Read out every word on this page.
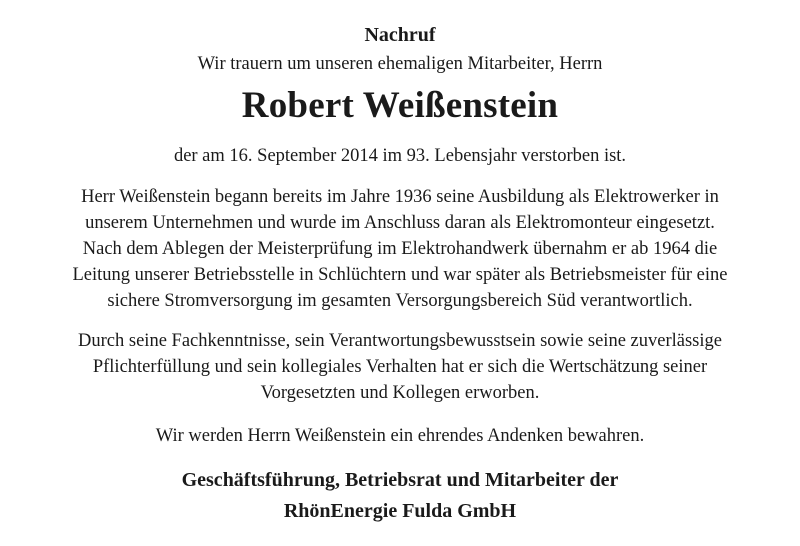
Nachruf
Wir trauern um unseren ehemaligen Mitarbeiter, Herrn
Robert Weißenstein
der am 16. September 2014 im 93. Lebensjahr verstorben ist.
Herr Weißenstein begann bereits im Jahre 1936 seine Ausbildung als Elektrowerker in
unserem Unternehmen und wurde im Anschluss daran als Elektromonteur eingesetzt.
Nach dem Ablegen der Meisterprüfung im Elektrohandwerk übernahm er ab 1964 die
Leitung unserer Betriebsstelle in Schlüchtern und war später als Betriebsmeister für eine
sichere Stromversorgung im gesamten Versorgungsbereich Süd verantwortlich.
Durch seine Fachkenntnisse, sein Verantwortungsbewusstsein sowie seine zuverlässige
Pflichterfüllung und sein kollegiales Verhalten hat er sich die Wertschätzung seiner
Vorgesetzten und Kollegen erworben.
Wir werden Herrn Weißenstein ein ehrendes Andenken bewahren.
Geschäftsführung, Betriebsrat und Mitarbeiter der
RhönEnergie Fulda GmbH
